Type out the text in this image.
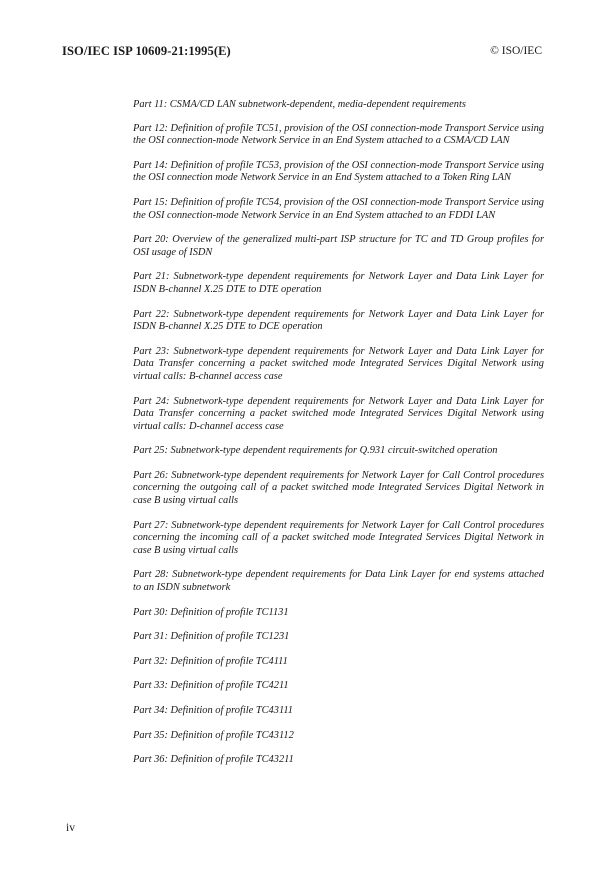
ISO/IEC ISP 10609-21:1995(E)	© ISO/IEC

Part 11: CSMA/CD LAN subnetwork-dependent, media-dependent requirements

Part 12: Definition of profile TC51, provision of the OSI connection-mode Transport Service using the OSI connection-mode Network Service in an End System attached to a CSMA/CD LAN

Part 14: Definition of profile TC53, provision of the OSI connection-mode Transport Service using the OSI connection mode Network Service in an End System attached to a Token Ring LAN

Part 15: Definition of profile TC54, provision of the OSI connection-mode Transport Service using the OSI connection-mode Network Service in an End System attached to an FDDI LAN

Part 20: Overview of the generalized multi-part ISP structure for TC and TD Group profiles for OSI usage of ISDN

Part 21: Subnetwork-type dependent requirements for Network Layer and Data Link Layer for ISDN B-channel X.25 DTE to DTE operation

Part 22: Subnetwork-type dependent requirements for Network Layer and Data Link Layer for ISDN B-channel X.25 DTE to DCE operation

Part 23: Subnetwork-type dependent requirements for Network Layer and Data Link Layer for Data Transfer concerning a packet switched mode Integrated Services Digital Network using virtual calls: B-channel access case

Part 24: Subnetwork-type dependent requirements for Network Layer and Data Link Layer for Data Transfer concerning a packet switched mode Integrated Services Digital Network using virtual calls: D-channel access case

Part 25: Subnetwork-type dependent requirements for Q.931 circuit-switched operation

Part 26: Subnetwork-type dependent requirements for Network Layer for Call Control procedures concerning the outgoing call of a packet switched mode Integrated Services Digital Network in case B using virtual calls

Part 27: Subnetwork-type dependent requirements for Network Layer for Call Control procedures concerning the incoming call of a packet switched mode Integrated Services Digital Network in case B using virtual calls

Part 28: Subnetwork-type dependent requirements for Data Link Layer for end systems attached to an ISDN subnetwork

Part 30: Definition of profile TC1131

Part 31: Definition of profile TC1231

Part 32: Definition of profile TC4111

Part 33: Definition of profile TC4211

Part 34: Definition of profile TC43111

Part 35: Definition of profile TC43112

Part 36: Definition of profile TC43211

iv
